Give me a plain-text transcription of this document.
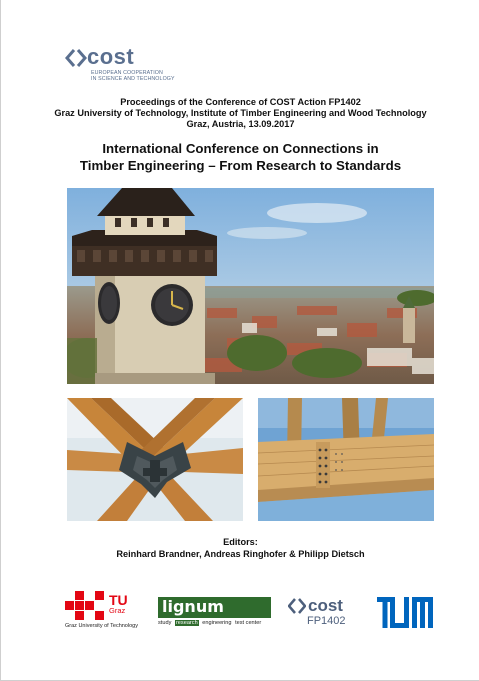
cost
EUROPEAN COOPERATION
IN SCIENCE AND TECHNOLOGY
Proceedings of the Conference of COST Action FP1402
Graz University of Technology, Institute of Timber Engineering and Wood Technology
Graz, Austria, 13.09.2017
International Conference on Connections in
Timber Engineering – From Research to Standards
Editors:
Reinhard Brandner, Andreas Ringhofer & Philipp Dietsch
TU
Graz
Graz University of Technology
lignum
study research engineering test center
cost
FP1402
